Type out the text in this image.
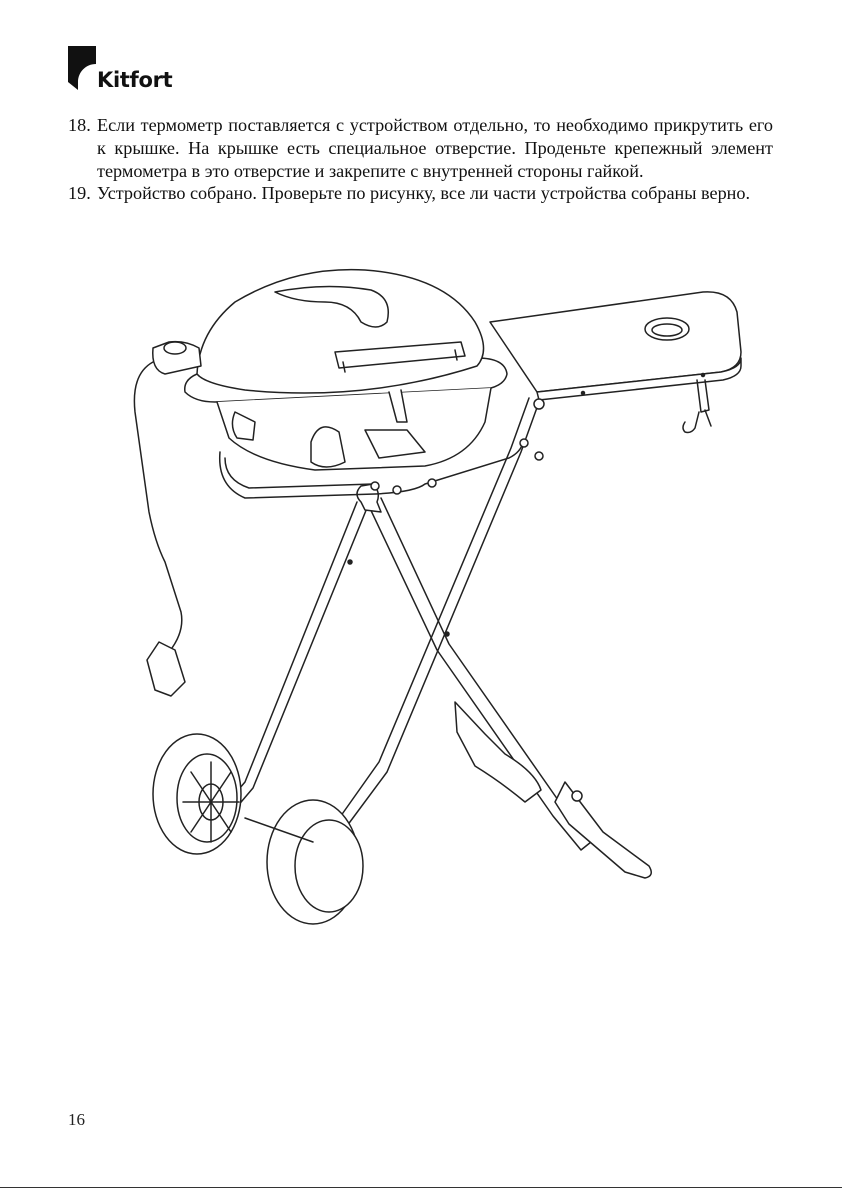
Kitfort
18. Если термометр поставляется с устройством отдельно, то необходимо прикрутить его к крышке. На крышке есть специальное отверстие. Проденьте крепежный элемент термометра в это отверстие и закрепите с внутренней стороны гайкой.
19. Устройство собрано. Проверьте по рисунку, все ли части устройства собраны верно.
16
